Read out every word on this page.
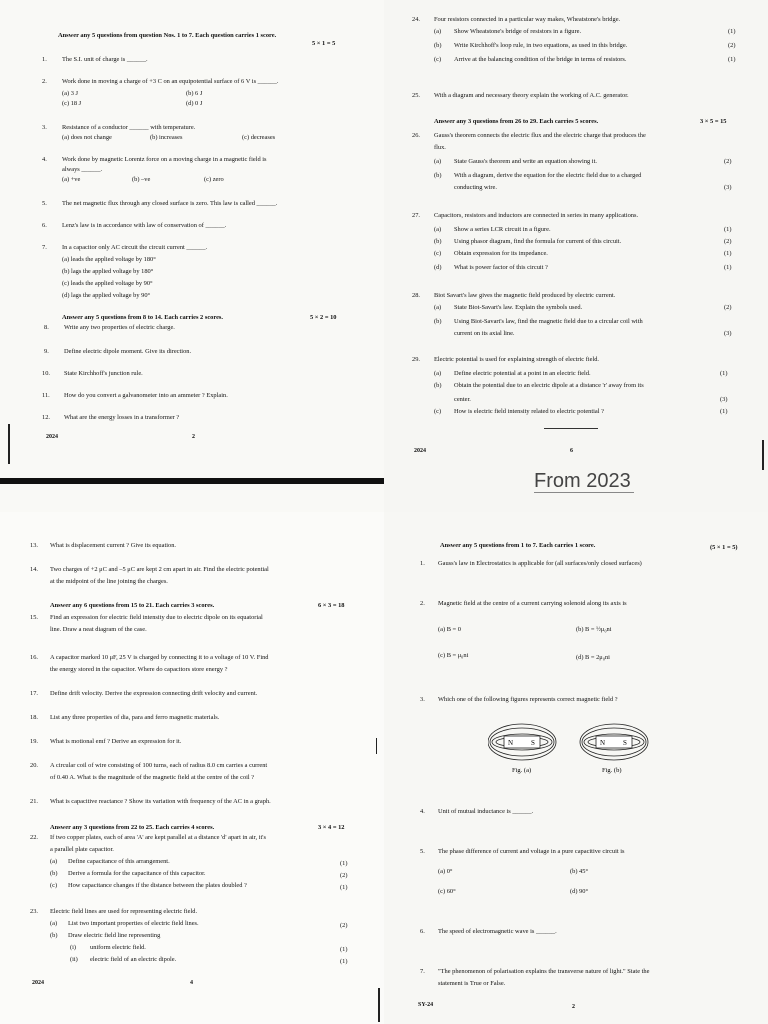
Answer any 5 questions from question Nos. 1 to 7. Each question carries 1 score.
5 × 1 = 5
1. The S.I. unit of charge is ______.
2. Work done in moving a charge of +3 C on an equipotential surface of 6 V is ______.
(a) 3 J	(b) 6 J
(c) 18 J	(d) 0 J
3. Resistance of a conductor ______ with temperature.
(a) does not change	(b) increases	(c) decreases
4. Work done by magnetic Lorentz force on a moving charge in a magnetic field is
always ______.
(a) +ve	(b) –ve	(c) zero
5. The net magnetic flux through any closed surface is zero. This law is called ______.
6. Lenz's law is in accordance with law of conservation of ______.
7. In a capacitor only AC circuit the circuit current ______.
(a) leads the applied voltage by 180°
(b) lags the applied voltage by 180°
(c) leads the applied voltage by 90°
(d) lags the applied voltage by 90°
Answer any 5 questions from 8 to 14. Each carries 2 scores.	5 × 2 = 10
8. Write any two properties of electric charge.
9. Define electric dipole moment. Give its direction.
10. State Kirchhoff's junction rule.
11. How do you convert a galvanometer into an ammeter ? Explain.
12. What are the energy losses in a transformer ?
2024	2
24. Four resistors connected in a particular way makes, Wheatstone's bridge.
(a) Show Wheatstone's bridge of resistors in a figure.	(1)
(b) Write Kirchhoff's loop rule, in two equations, as used in this bridge.	(2)
(c) Arrive at the balancing condition of the bridge in terms of resistors.	(1)
25. With a diagram and necessary theory explain the working of A.C. generator.
Answer any 3 questions from 26 to 29. Each carries 5 scores.	3 × 5 = 15
26. Gauss's theorem connects the electric flux and the electric charge that produces the
flux.
(a) State Gauss's theorem and write an equation showing it.	(2)
(b) With a diagram, derive the equation for the electric field due to a charged
conducting wire.	(3)
27. Capacitors, resistors and inductors are connected in series in many applications.
(a) Show a series LCR circuit in a figure.	(1)
(b) Using phasor diagram, find the formula for current of this circuit.	(2)
(c) Obtain expression for its impedance.	(1)
(d) What is power factor of this circuit ?	(1)
28. Biot Savart's law gives the magnetic field produced by electric current.
(a) State Biot-Savart's law. Explain the symbols used.	(2)
(b) Using Biot-Savart's law, find the magnetic field due to a circular coil with
current on its axial line.	(3)
29. Electric potential is used for explaining strength of electric field.
(a) Define electric potential at a point in an electric field.	(1)
(b) Obtain the potential due to an electric dipole at a distance 'r' away from its
center.	(3)
(c) How is electric field intensity related to electric potential ?	(1)
2024	6
From 2023
13. What is displacement current ? Give its equation.
14. Two charges of +2 μC and –5 μC are kept 2 cm apart in air. Find the electric potential
at the midpoint of the line joining the charges.
Answer any 6 questions from 15 to 21. Each carries 3 scores.	6 × 3 = 18
15. Find an expression for electric field intensity due to electric dipole on its equatorial
line. Draw a neat diagram of the case.
16. A capacitor marked 10 μF, 25 V is charged by connecting it to a voltage of 10 V. Find
the energy stored in the capacitor. Where do capacitors store energy ?
17. Define drift velocity. Derive the expression connecting drift velocity and current.
18. List any three properties of dia, para and ferro magnetic materials.
19. What is motional emf ? Derive an expression for it.
20. A circular coil of wire consisting of 100 turns, each of radius 8.0 cm carries a current
of 0.40 A. What is the magnitude of the magnetic field at the centre of the coil ?
21. What is capacitive reactance ? Show its variation with frequency of the AC in a graph.
Answer any 3 questions from 22 to 25. Each carries 4 scores.	3 × 4 = 12
22. If two copper plates, each of area 'A' are kept parallel at a distance 'd' apart in air, it's
a parallel plate capacitor.
(a) Define capacitance of this arrangement.	(1)
(b) Derive a formula for the capacitance of this capacitor.	(2)
(c) How capacitance changes if the distance between the plates doubled ?	(1)
23. Electric field lines are used for representing electric field.
(a) List two important properties of electric field lines.	(2)
(b) Draw electric field line representing
(i) uniform electric field.	(1)
(ii) electric field of an electric dipole.	(1)
2024	4
Answer any 5 questions from 1 to 7. Each carries 1 score.	(5 × 1 = 5)
1. Gauss's law in Electrostatics is applicable for (all surfaces/only closed surfaces)
2. Magnetic field at the centre of a current carrying solenoid along its axis is
(a) B = 0	(b) B = ½μ₀ni
(c) B = μ₀ni	(d) B = 2μ₀ni
3. Which one of the following figures represents correct magnetic field ?
N	S	N	S
Fig. (a)	Fig. (b)
4. Unit of mutual inductance is ______.
5. The phase difference of current and voltage in a pure capacitive circuit is
(a) 0°	(b) 45°
(c) 60°	(d) 90°
6. The speed of electromagnetic wave is ______.
7. "The phenomenon of polarisation explains the transverse nature of light." State the
statement is True or False.
SY-24	2
